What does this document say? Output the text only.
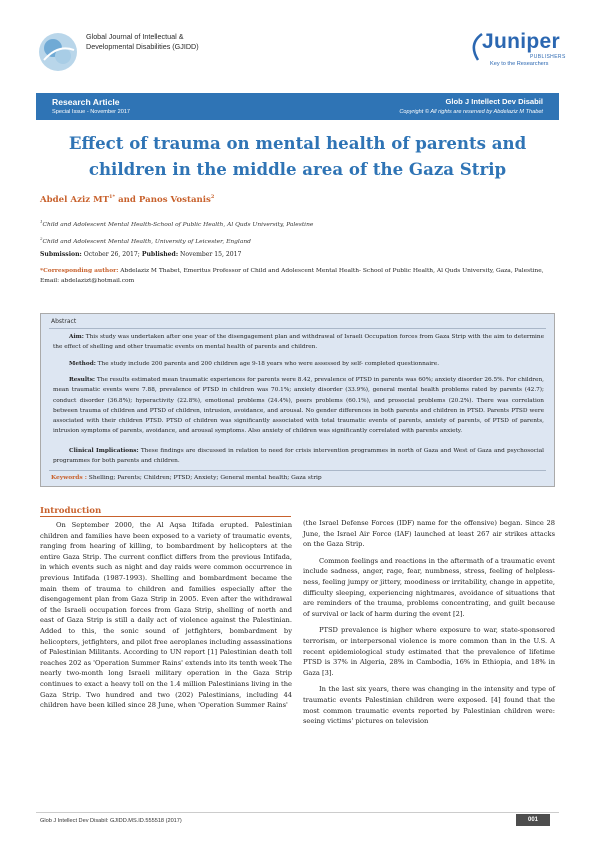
Global Journal of Intellectual &
Developmental Disabilities (GJIDD)	Juniper
PUBLISHERS
Key to the Researchers
Research Article
Special Issue - November 2017
Glob J Intellect Dev Disabil
Copyright © All rights are reserved by Abdelaziz M Thabet
Effect of trauma on mental health of parents and children in the middle area of the Gaza Strip
Abdel Aziz $MT^{1*}$ and Panos Vostanis$^2$
$^1$Child and Adolescent Mental Health-School of Public Health, Al Quds University, Palestine
$^2$Child and Adolescent Mental Health, University of Leicester, England
Submission: October 26, 2017; Published: November 15, 2017
*Corresponding author: Abdelaziz M Thabet, Emeritus Professor of Child and Adolescent Mental Health- School of Public Health, Al Quds University, Gaza, Palestine, Email: abdelazizt@hotmail.com
Abstract

Aim: This study was undertaken after one year of the disengagement plan and withdrawal of Israeli Occupation forces from Gaza Strip with the aim to determine the effect of shelling and other traumatic events on mental health of parents and children.

Method: The study include 200 parents and 200 children age 9-18 years who were assessed by self- completed questionnaire.

Results: The results estimated mean traumatic experiences for parents were 8.42, prevalence of PTSD in parents was 60%; anxiety disorder 26.5%. For children, mean traumatic events were 7.88, prevalence of PTSD in children was 70.1%; anxiety disorder (33.9%), general mental health problems rated by parents (42.7); conduct disorder (36.8%); hyperactivity (22.8%), emotional problems (24.4%), peers problems (60.1%), and prosocial problems (20.2%). There was correlation between trauma of children and PTSD of children, intrusion, avoidance, and arousal. No gender differences in both parents and children in PTSD. Parents PTSD were associated with their children PTSD. PTSD of children was significantly associated with total traumatic events of parents, anxiety of parents, of PTSD of parents, intrusion symptoms of parents, avoidance, and arousal symptoms. Also anxiety of children was significantly correlated with parents anxiety.

Clinical Implications: These findings are discussed in relation to need for crisis intervention programmes in north of Gaza and West of Gaza and psychosocial programmes for both parents and children.

Keywords : Shelling; Parents; Children; PTSD; Anxiety; General mental health; Gaza strip
Introduction

On September 2000, the Al Aqsa Itifada erupted. Palestinian children and families have been exposed to a variety of traumatic events, ranging from hearing of killing, to bombardment by helicopters at the entire Gaza Strip. The current conflict differs from the previous Intifada, in which events such as night and day raids were common occurrence in previous Intifada (1987-1993). Shelling and bombardment became the main them of trauma to children and families especially after the disengagement plan from Gaza Strip in 2005. Even after the withdrawal of the Israeli occupation forces from Gaza Strip, shelling of north and east of Gaza Strip is still a daily act of violence against the Palestinian. Added to this, the sonic sound of jetfighters, bombardment by helicopters, jetfighters, and pilot free aeroplanes including assassinations of Palestinian Militants. According to UN report [1] Palestinian death toll reaches 202 as 'Operation Summer Rains' extends into its tenth week The nearly two-month long Israeli military operation in the Gaza Strip continues to exact a heavy toll on the 1.4 million Palestinians living in the Gaza Strip. Two hundred and two (202) Palestinians, including 44 children have been killed since 28 June, when 'Operation Summer Rains'

(the Israel Defense Forces (IDF) name for the offensive) began. Since 28 June, the Israel Air Force (IAF) launched at least 267 air strikes attacks on the Gaza Strip.

Common feelings and reactions in the aftermath of a traumatic event include sadness, anger, rage, fear, numbness, stress, feeling of helpless-ness, feeling jumpy or jittery, moodiness or irritability, change in appetite, difficulty sleeping, experiencing nightmares, avoidance of situations that are reminders of the trauma, problems concentrating, and guilt because of survival or lack of harm during the event [2].

PTSD prevalence is higher where exposure to war, state-sponsored terrorism, or interpersonal violence is more common than in the U.S. A recent epidemiological study estimated that the prevalence of lifetime PTSD is 37% in Algeria, 28% in Cambodia, 16% in Ethiopia, and 18% in Gaza [3].

In the last six years, there was changing in the intensity and type of traumatic events Palestinian children were exposed. [4] found that the most common traumatic events reported by Palestinian children were: seeing victims' pictures on television

Glob J Intellect Dev Disabil: GJIDD.MS.ID.555518 (2017)	001
